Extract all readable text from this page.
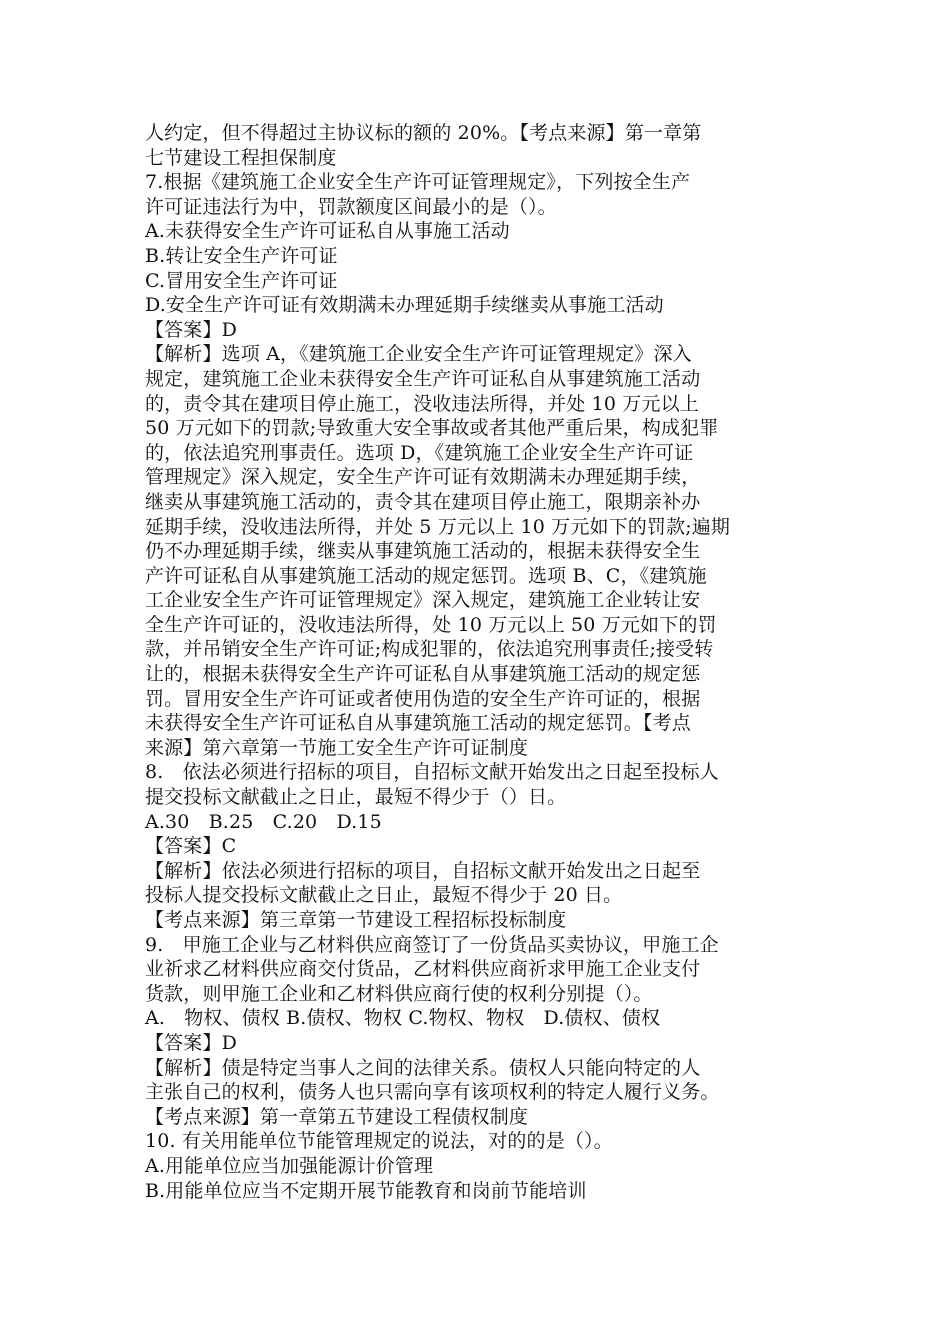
人约定，但不得超过主协议标的额的 20%。【考点来源】第一章第
七节建设工程担保制度
7.根据《建筑施工企业安全生产许可证管理规定》，下列按全生产
许可证违法行为中，罚款额度区间最小的是（）。
A.未获得安全生产许可证私自从事施工活动
B.转让安全生产许可证
C.冒用安全生产许可证
D.安全生产许可证有效期满未办理延期手续继卖从事施工活动
【答案】D
【解析】选项 A，《建筑施工企业安全生产许可证管理规定》深入
规定，建筑施工企业未获得安全生产许可证私自从事建筑施工活动
的，责令其在建项目停止施工，没收违法所得，并处 10 万元以上
50 万元如下的罚款;导致重大安全事故或者其他严重后果，构成犯罪
的，依法追究刑事责任。选项 D，《建筑施工企业安全生产许可证
管理规定》深入规定，安全生产许可证有效期满未办理延期手续，
继卖从事建筑施工活动的，责令其在建项目停止施工，限期亲补办
延期手续，没收违法所得，并处 5 万元以上 10 万元如下的罚款;遍期
仍不办理延期手续，继卖从事建筑施工活动的，根据未获得安全生
产许可证私自从事建筑施工活动的规定惩罚。选项 B、C，《建筑施
工企业安全生产许可证管理规定》深入规定，建筑施工企业转让安
全生产许可证的，没收违法所得，处 10 万元以上 50 万元如下的罚
款，并吊销安全生产许可证;构成犯罪的，依法追究刑事责任;接受转
让的，根据未获得安全生产许可证私自从事建筑施工活动的规定惩
罚。冒用安全生产许可证或者使用伪造的安全生产许可证的，根据
未获得安全生产许可证私自从事建筑施工活动的规定惩罚。【考点
来源】第六章第一节施工安全生产许可证制度
8.　依法必须进行招标的项目，自招标文献开始发出之日起至投标人
提交投标文献截止之日止，最短不得少于（）日。
A.30　B.25　C.20　D.15
【答案】C
【解析】依法必须进行招标的项目，自招标文献开始发出之日起至
投标人提交投标文献截止之日止，最短不得少于 20 日。
【考点来源】第三章第一节建设工程招标投标制度
9.　甲施工企业与乙材料供应商签订了一份货品买卖协议，甲施工企
业祈求乙材料供应商交付货品，乙材料供应商祈求甲施工企业支付
货款，则甲施工企业和乙材料供应商行使的权利分别提（）。
A.　物权、债权 B.债权、物权 C.物权、物权　D.债权、债权
【答案】D
【解析】债是特定当事人之间的法律关系。债权人只能向特定的人
主张自己的权利，债务人也只需向享有该项权利的特定人履行义务。
【考点来源】第一章第五节建设工程债权制度
10. 有关用能单位节能管理规定的说法，对的的是（）。
A.用能单位应当加强能源计价管理
B.用能单位应当不定期开展节能教育和岗前节能培训
